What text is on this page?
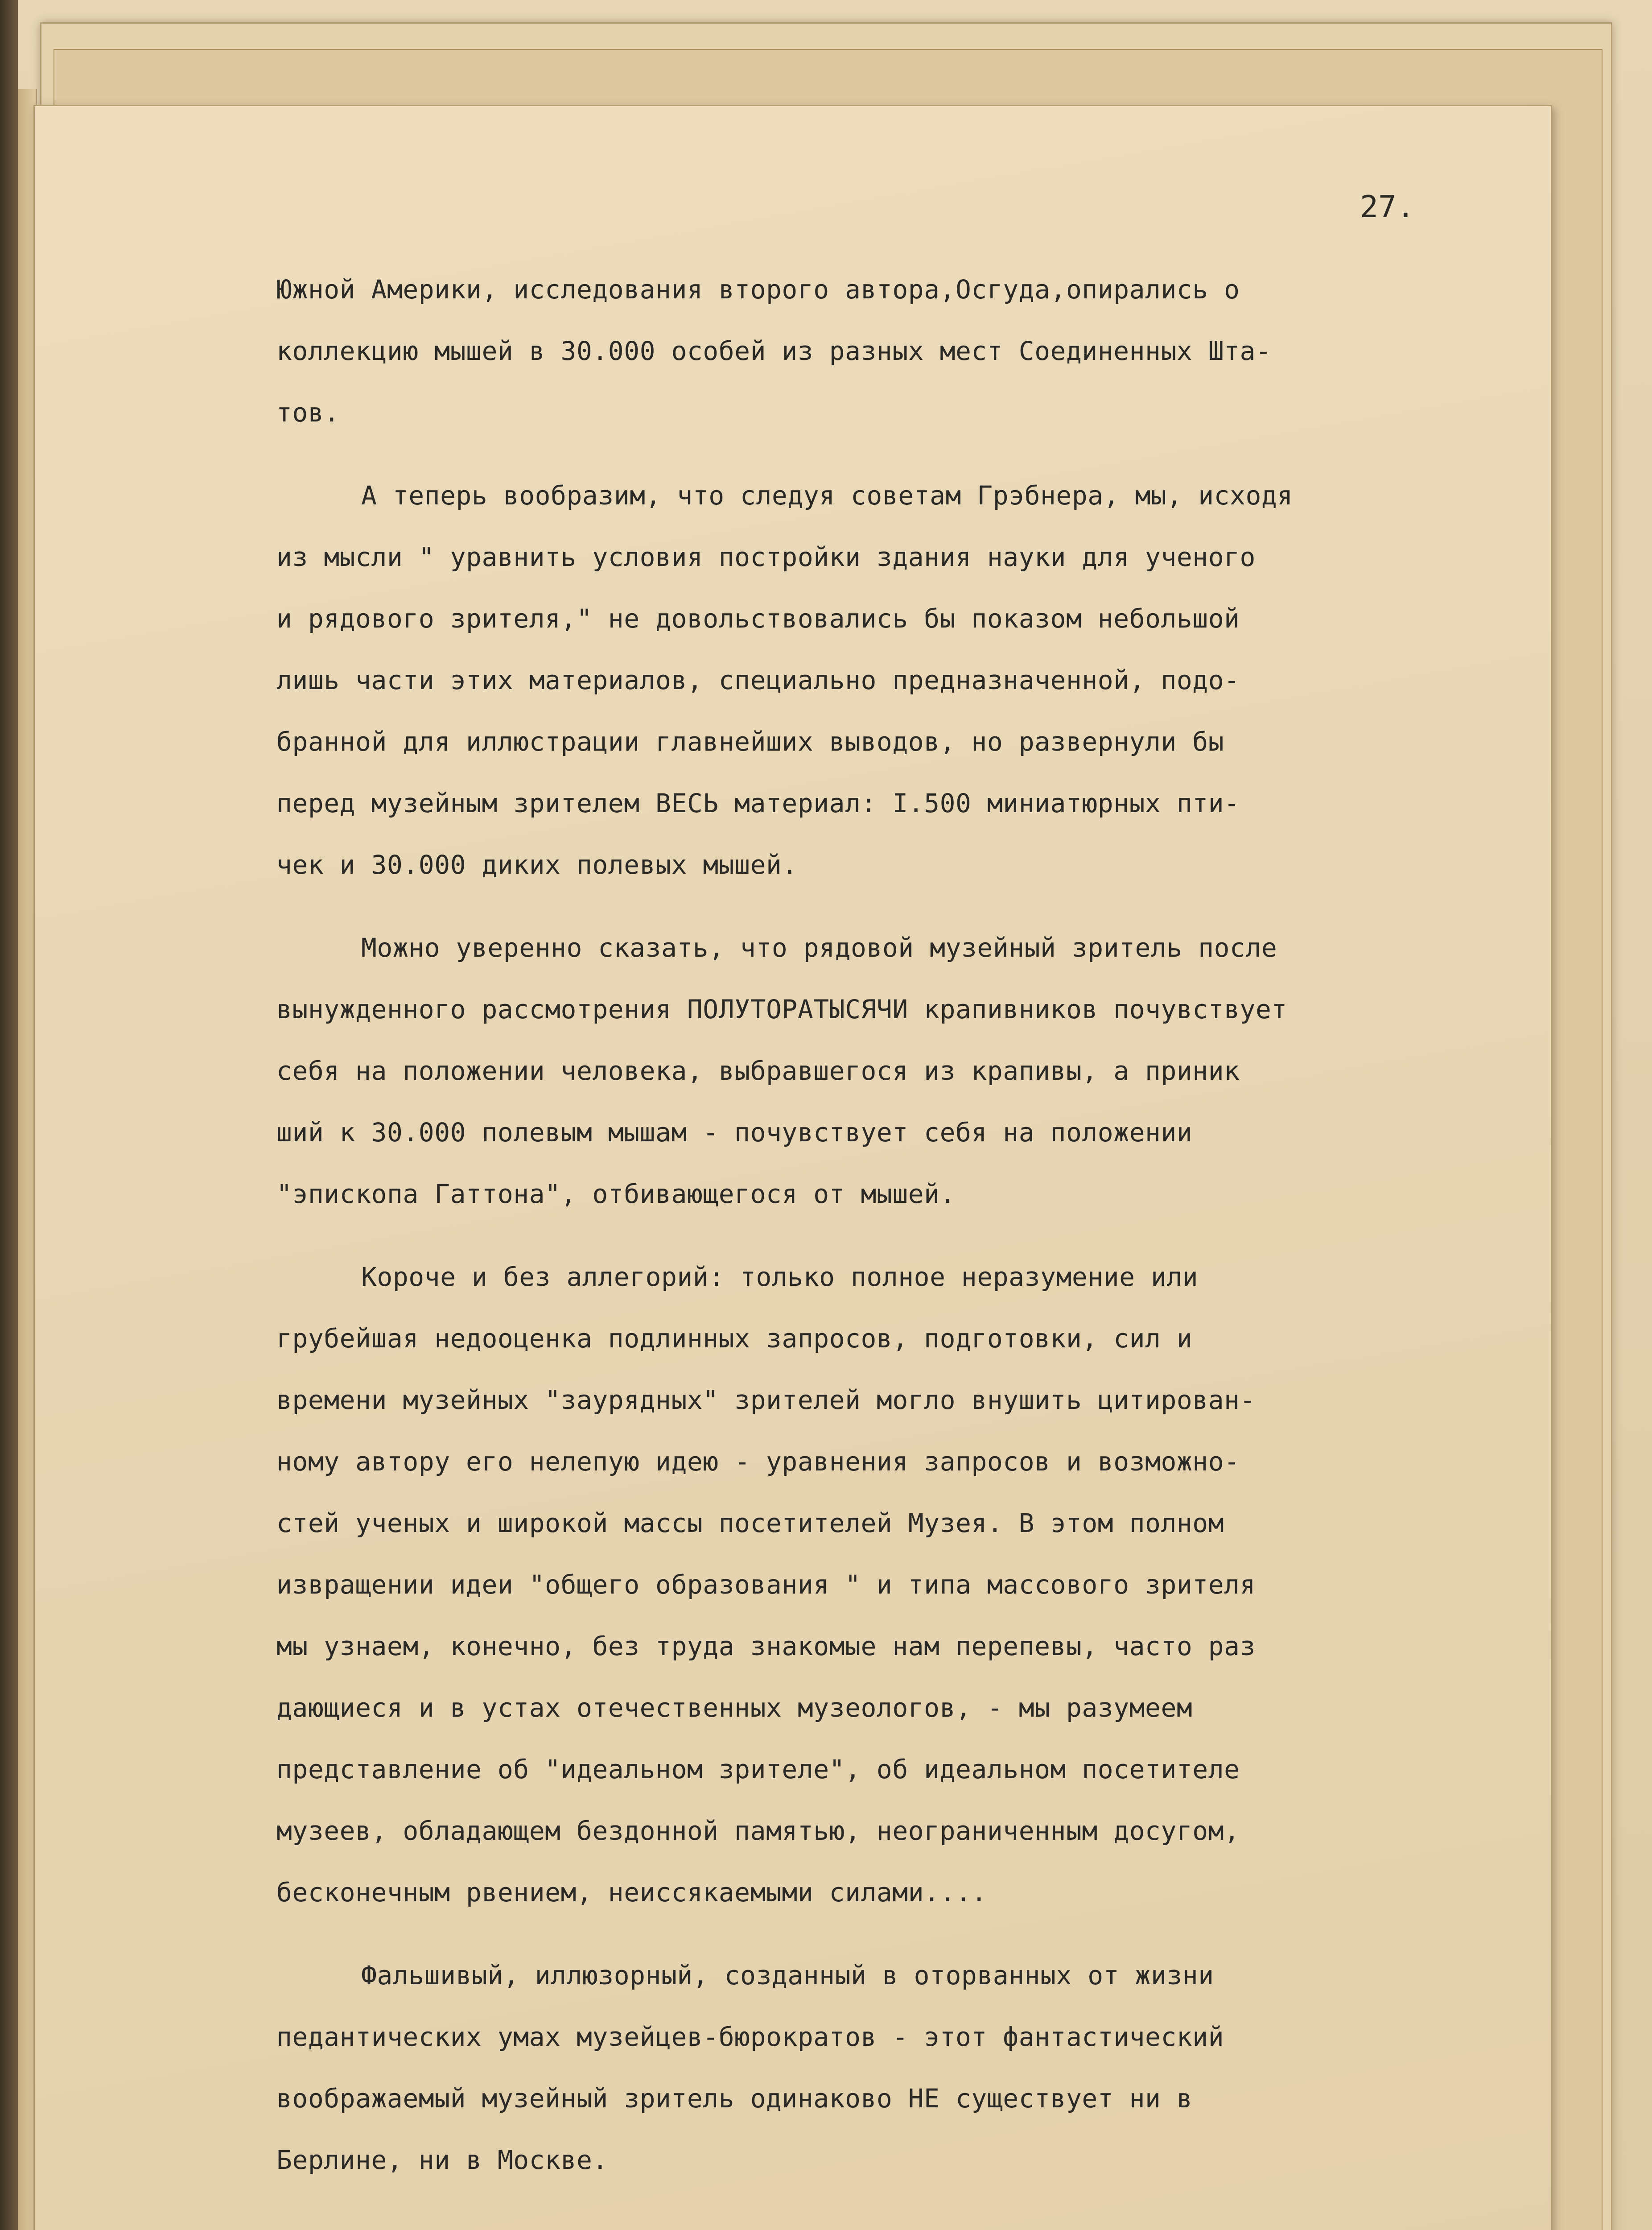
27.

Южной Америки, исследования второго автора,Осгуда,опирались о
коллекцию мышей в 30.000 особей из разных мест Соединенных Шта-
тов.
А теперь вообразим, что следуя советам Грэбнера, мы, исходя
из мысли " уравнить условия постройки здания науки для ученого
и рядового зрителя," не довольствовались бы показом небольшой
лишь части этих материалов, специально предназначенной, подо-
бранной для иллюстрации главнейших выводов, но развернули бы
перед музейным зрителем ВЕСЬ материал: I.500 миниатюрных пти-
чек и 30.000 диких полевых мышей.
Можно уверенно сказать, что рядовой музейный зритель после
вынужденного рассмотрения ПОЛУТОРАТЫСЯЧИ крапивников почувствует
себя на положении человека, выбравшегося из крапивы, а приник
ший к 30.000 полевым мышам - почувствует себя на положении
"эпископа Гаттона", отбивающегося от мышей.
Короче и без аллегорий: только полное неразумение или
грубейшая недооценка подлинных запросов, подготовки, сил и
времени музейных "заурядных" зрителей могло внушить цитирован-
ному автору его нелепую идею - уравнения запросов и возможно-
стей ученых и широкой массы посетителей Музея. В этом полном
извращении идеи "общего образования " и типа массового зрителя
мы узнаем, конечно, без труда знакомые нам перепевы, часто раз
дающиеся и в устах отечественных музеологов, - мы разумеем
представление об "идеальном зрителе", об идеальном посетителе
музеев, обладающем бездонной памятью, неограниченным досугом,
бесконечным рвением, неиссякаемыми силами....
Фальшивый, иллюзорный, созданный в оторванных от жизни
педантических умах музейцев-бюрократов - этот фантастический
воображаемый музейный зритель одинаково НЕ существует ни в
Берлине, ни в Москве.
